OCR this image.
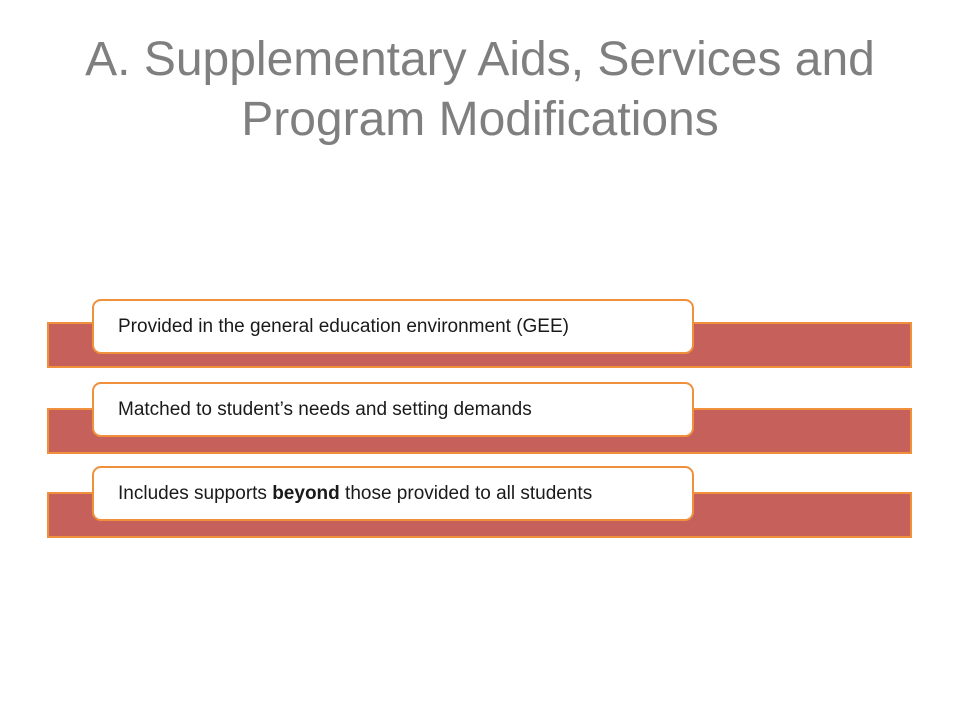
A. Supplementary Aids, Services and Program Modifications
Provided in the general education environment (GEE)
Matched to student’s needs and setting demands
Includes supports beyond those provided to all students
